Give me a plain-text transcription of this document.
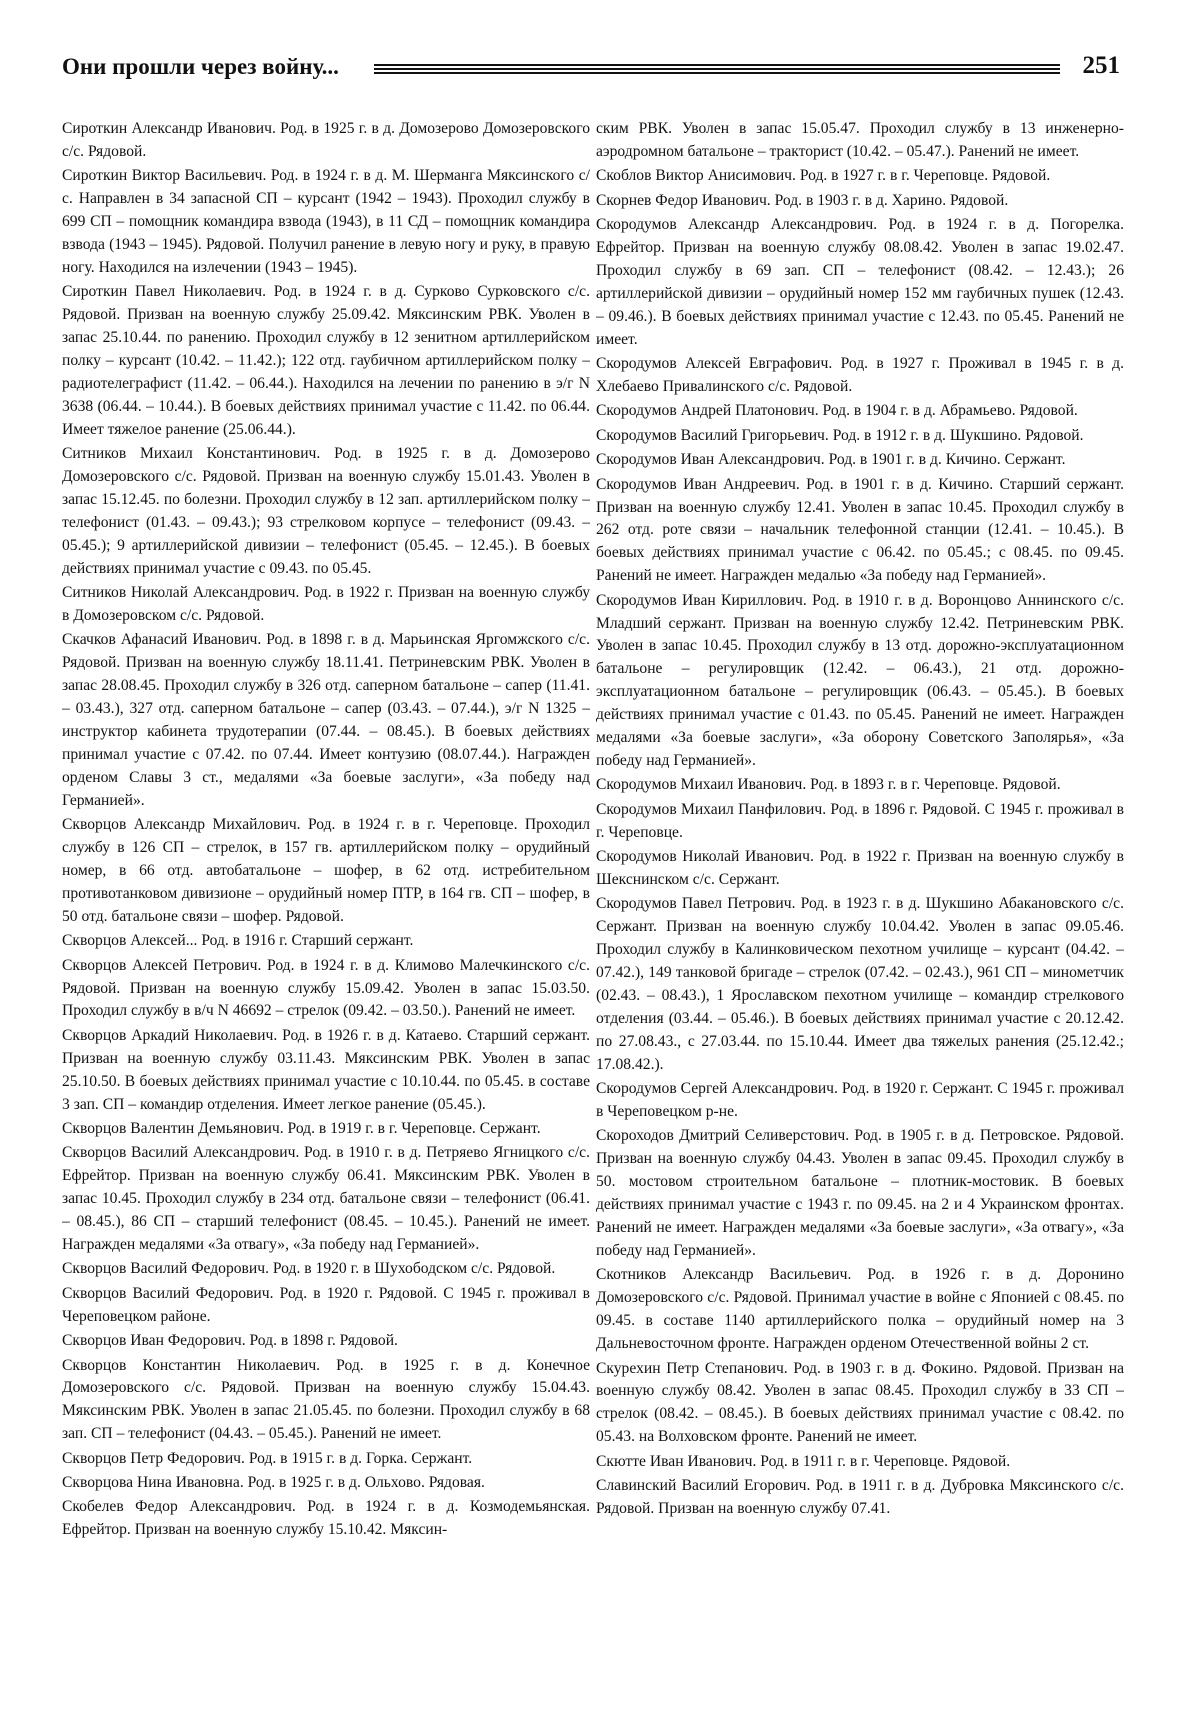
Они прошли через войну...	251

Сироткин Александр Иванович. Род. в 1925 г. в д. Домозерово Домозеровского с/с. Рядовой.

Сироткин Виктор Васильевич. Род. в 1924 г. в д. М. Шерманга Мяксинского с/с. Направлен в 34 запасной СП – курсант (1942 – 1943). Проходил службу в 699 СП – помощник командира взвода (1943), в 11 СД – помощник командира взвода (1943 – 1945). Рядовой. Получил ранение в левую ногу и руку, в правую ногу. Находился на излечении (1943 – 1945).

Сироткин Павел Николаевич. Род. в 1924 г. в д. Сурково Сурковского с/с. Рядовой. Призван на военную службу 25.09.42. Мяксинским РВК. Уволен в запас 25.10.44. по ранению. Проходил службу в 12 зенитном артиллерийском полку – курсант (10.42. – 11.42.); 122 отд. гаубичном артиллерийском полку – радиотелеграфист (11.42. – 06.44.). Находился на лечении по ранению в э/г N 3638 (06.44. – 10.44.). В боевых действиях принимал участие с 11.42. по 06.44. Имеет тяжелое ранение (25.06.44.).

Ситников Михаил Константинович. Род. в 1925 г. в д. Домозерово Домозеровского с/с. Рядовой. Призван на военную службу 15.01.43. Уволен в запас 15.12.45. по болезни. Проходил службу в 12 зап. артиллерийском полку – телефонист (01.43. – 09.43.); 93 стрелковом корпусе – телефонист (09.43. – 05.45.); 9 артиллерийской дивизии – телефонист (05.45. – 12.45.). В боевых действиях принимал участие с 09.43. по 05.45.

Ситников Николай Александрович. Род. в 1922 г. Призван на военную службу в Домозеровском с/с. Рядовой.

Скачков Афанасий Иванович. Род. в 1898 г. в д. Марьинская Яргомжского с/с. Рядовой. Призван на военную службу 18.11.41. Петриневским РВК. Уволен в запас 28.08.45. Проходил службу в 326 отд. саперном батальоне – сапер (11.41. – 03.43.), 327 отд. саперном батальоне – сапер (03.43. – 07.44.), э/г N 1325 – инструктор кабинета трудотерапии (07.44. – 08.45.). В боевых действиях принимал участие с 07.42. по 07.44. Имеет контузию (08.07.44.). Награжден орденом Славы 3 ст., медалями «За боевые заслуги», «За победу над Германией».

Скворцов Александр Михайлович. Род. в 1924 г. в г. Череповце. Проходил службу в 126 СП – стрелок, в 157 гв. артиллерийском полку – орудийный номер, в 66 отд. автобатальоне – шофер, в 62 отд. истребительном противотанковом дивизионе – орудийный номер ПТР, в 164 гв. СП – шофер, в 50 отд. батальоне связи – шофер. Рядовой.

Скворцов Алексей... Род. в 1916 г. Старший сержант.

Скворцов Алексей Петрович. Род. в 1924 г. в д. Климово Малечкинского с/с. Рядовой. Призван на военную службу 15.09.42. Уволен в запас 15.03.50. Проходил службу в в/ч N 46692 – стрелок (09.42. – 03.50.). Ранений не имеет.

Скворцов Аркадий Николаевич. Род. в 1926 г. в д. Катаево. Старший сержант. Призван на военную службу 03.11.43. Мяксинским РВК. Уволен в запас 25.10.50. В боевых действиях принимал участие с 10.10.44. по 05.45. в составе 3 зап. СП – командир отделения. Имеет легкое ранение (05.45.).

Скворцов Валентин Демьянович. Род. в 1919 г. в г. Череповце. Сержант.

Скворцов Василий Александрович. Род. в 1910 г. в д. Петряево Ягницкого с/с. Ефрейтор. Призван на военную службу 06.41. Мяксинским РВК. Уволен в запас 10.45. Проходил службу в 234 отд. батальоне связи – телефонист (06.41. – 08.45.), 86 СП – старший телефонист (08.45. – 10.45.). Ранений не имеет. Награжден медалями «За отвагу», «За победу над Германией».

Скворцов Василий Федорович. Род. в 1920 г. в Шухободском с/с. Рядовой.

Скворцов Василий Федорович. Род. в 1920 г. Рядовой. С 1945 г. проживал в Череповецком районе.

Скворцов Иван Федорович. Род. в 1898 г. Рядовой.

Скворцов Константин Николаевич. Род. в 1925 г. в д. Конечное Домозеровского с/с. Рядовой. Призван на военную службу 15.04.43. Мяксинским РВК. Уволен в запас 21.05.45. по болезни. Проходил службу в 68 зап. СП – телефонист (04.43. – 05.45.). Ранений не имеет.

Скворцов Петр Федорович. Род. в 1915 г. в д. Горка. Сержант.

Скворцова Нина Ивановна. Род. в 1925 г. в д. Ольхово. Рядовая.

Скобелев Федор Александрович. Род. в 1924 г. в д. Козмодемьянская. Ефрейтор. Призван на военную службу 15.10.42. Мяксин-

ским РВК. Уволен в запас 15.05.47. Проходил службу в 13 инженерно-аэродромном батальоне – тракторист (10.42. – 05.47.). Ранений не имеет.

Скоблов Виктор Анисимович. Род. в 1927 г. в г. Череповце. Рядовой.

Скорнев Федор Иванович. Род. в 1903 г. в д. Харино. Рядовой.

Скородумов Александр Александрович. Род. в 1924 г. в д. Погорелка. Ефрейтор. Призван на военную службу 08.08.42. Уволен в запас 19.02.47. Проходил службу в 69 зап. СП – телефонист (08.42. – 12.43.); 26 артиллерийской дивизии – орудийный номер 152 мм гаубичных пушек (12.43. – 09.46.). В боевых действиях принимал участие с 12.43. по 05.45. Ранений не имеет.

Скородумов Алексей Евграфович. Род. в 1927 г. Проживал в 1945 г. в д. Хлебаево Привалинского с/с. Рядовой.

Скородумов Андрей Платонович. Род. в 1904 г. в д. Абрамьево. Рядовой.

Скородумов Василий Григорьевич. Род. в 1912 г. в д. Шукшино. Рядовой.

Скородумов Иван Александрович. Род. в 1901 г. в д. Кичино. Сержант.

Скородумов Иван Андреевич. Род. в 1901 г. в д. Кичино. Старший сержант. Призван на военную службу 12.41. Уволен в запас 10.45. Проходил службу в 262 отд. роте связи – начальник телефонной станции (12.41. – 10.45.). В боевых действиях принимал участие с 06.42. по 05.45.; с 08.45. по 09.45. Ранений не имеет. Награжден медалью «За победу над Германией».

Скородумов Иван Кириллович. Род. в 1910 г. в д. Воронцово Аннинского с/с. Младший сержант. Призван на военную службу 12.42. Петриневским РВК. Уволен в запас 10.45. Проходил службу в 13 отд. дорожно-эксплуатационном батальоне – регулировщик (12.42. – 06.43.), 21 отд. дорожно-эксплуатационном батальоне – регулировщик (06.43. – 05.45.). В боевых действиях принимал участие с 01.43. по 05.45. Ранений не имеет. Награжден медалями «За боевые заслуги», «За оборону Советского Заполярья», «За победу над Германией».

Скородумов Михаил Иванович. Род. в 1893 г. в г. Череповце. Рядовой.

Скородумов Михаил Панфилович. Род. в 1896 г. Рядовой. С 1945 г. проживал в г. Череповце.

Скородумов Николай Иванович. Род. в 1922 г. Призван на военную службу в Шекснинском с/с. Сержант.

Скородумов Павел Петрович. Род. в 1923 г. в д. Шукшино Абакановского с/с. Сержант. Призван на военную службу 10.04.42. Уволен в запас 09.05.46. Проходил службу в Калинковическом пехотном училище – курсант (04.42. – 07.42.), 149 танковой бригаде – стрелок (07.42. – 02.43.), 961 СП – минометчик (02.43. – 08.43.), 1 Ярославском пехотном училище – командир стрелкового отделения (03.44. – 05.46.). В боевых действиях принимал участие с 20.12.42. по 27.08.43., с 27.03.44. по 15.10.44. Имеет два тяжелых ранения (25.12.42.; 17.08.42.).

Скородумов Сергей Александрович. Род. в 1920 г. Сержант. С 1945 г. проживал в Череповецком р-не.

Скороходов Дмитрий Селиверстович. Род. в 1905 г. в д. Петровское. Рядовой. Призван на военную службу 04.43. Уволен в запас 09.45. Проходил службу в 50. мостовом строительном батальоне – плотник-мостовик. В боевых действиях принимал участие с 1943 г. по 09.45. на 2 и 4 Украинском фронтах. Ранений не имеет. Награжден медалями «За боевые заслуги», «За отвагу», «За победу над Германией».

Скотников Александр Васильевич. Род. в 1926 г. в д. Доронино Домозеровского с/с. Рядовой. Принимал участие в войне с Японией с 08.45. по 09.45. в составе 1140 артиллерийского полка – орудийный номер на 3 Дальневосточном фронте. Награжден орденом Отечественной войны 2 ст.

Скурехин Петр Степанович. Род. в 1903 г. в д. Фокино. Рядовой. Призван на военную службу 08.42. Уволен в запас 08.45. Проходил службу в 33 СП – стрелок (08.42. – 08.45.). В боевых действиях принимал участие с 08.42. по 05.43. на Волховском фронте. Ранений не имеет.

Скютте Иван Иванович. Род. в 1911 г. в г. Череповце. Рядовой.

Славинский Василий Егорович. Род. в 1911 г. в д. Дубровка Мяксинского с/с. Рядовой. Призван на военную службу 07.41.
